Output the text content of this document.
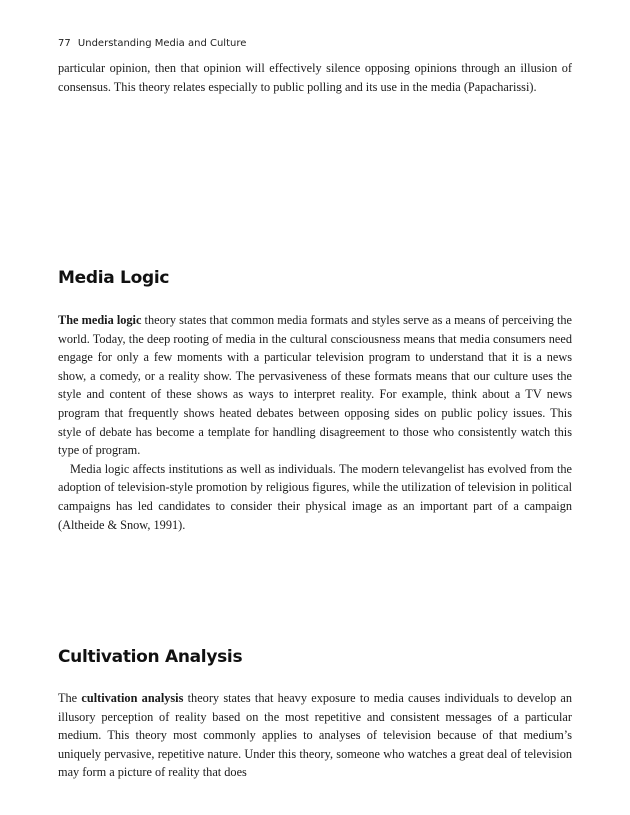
77 Understanding Media and Culture

particular opinion, then that opinion will effectively silence opposing opinions through an illusion of consensus. This theory relates especially to public polling and its use in the media (Papacharissi).

Media Logic

The media logic theory states that common media formats and styles serve as a means of perceiving the world. Today, the deep rooting of media in the cultural consciousness means that media consumers need engage for only a few moments with a particular television program to understand that it is a news show, a comedy, or a reality show. The pervasiveness of these formats means that our culture uses the style and content of these shows as ways to interpret reality. For example, think about a TV news program that frequently shows heated debates between opposing sides on public policy issues. This style of debate has become a template for handling disagreement to those who consistently watch this type of program.

Media logic affects institutions as well as individuals. The modern televangelist has evolved from the adoption of television-style promotion by religious figures, while the utilization of television in political campaigns has led candidates to consider their physical image as an important part of a campaign (Altheide & Snow, 1991).

Cultivation Analysis

The cultivation analysis theory states that heavy exposure to media causes individuals to develop an illusory perception of reality based on the most repetitive and consistent messages of a particular medium. This theory most commonly applies to analyses of television because of that medium’s uniquely pervasive, repetitive nature. Under this theory, someone who watches a great deal of television may form a picture of reality that does
